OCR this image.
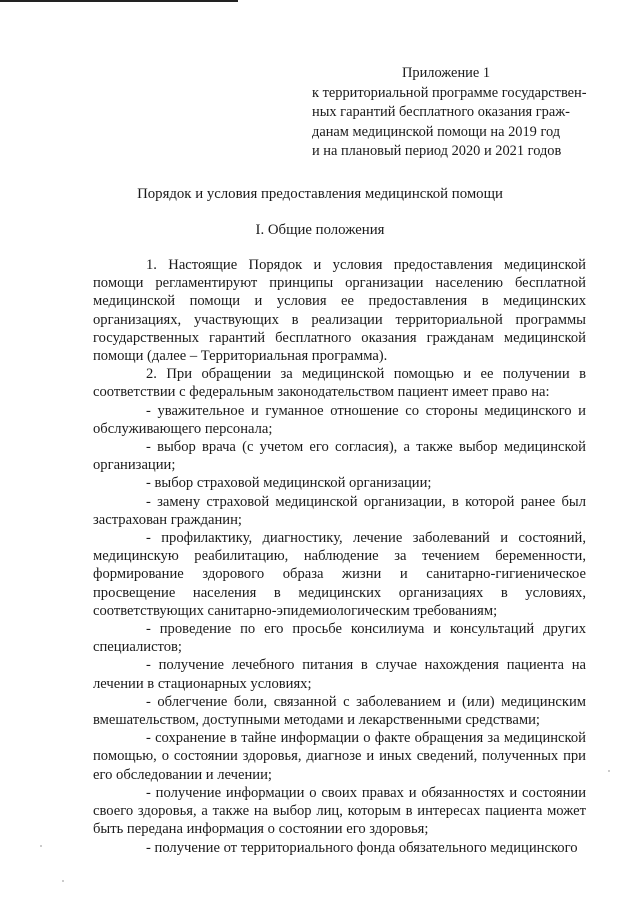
Приложение 1
к территориальной программе государствен-
ных гарантий бесплатного оказания граж-
данам медицинской помощи на 2019 год
и на плановый период 2020 и 2021 годов
Порядок и условия предоставления медицинской помощи
I. Общие положения

1. Настоящие Порядок и условия предоставления медицинской помощи регламентируют принципы организации населению бесплатной медицинской помощи и условия ее предоставления в медицинских организациях, участвующих в реализации территориальной программы государственных гарантий бесплатного оказания гражданам медицинской помощи (далее – Территориальная программа).

2. При обращении за медицинской помощью и ее получении в соответствии с федеральным законодательством пациент имеет право на:

- уважительное и гуманное отношение со стороны медицинского и обслуживающего персонала;

- выбор врача (с учетом его согласия), а также выбор медицинской организации;

- выбор страховой медицинской организации;

- замену страховой медицинской организации, в которой ранее был застрахован гражданин;

- профилактику, диагностику, лечение заболеваний и состояний, медицинскую реабилитацию, наблюдение за течением беременности, формирование здорового образа жизни и санитарно-гигиеническое просвещение населения в медицинских организациях в условиях, соответствующих санитарно-эпидемиологическим требованиям;

- проведение по его просьбе консилиума и консультаций других специалистов;

- получение лечебного питания в случае нахождения пациента на лечении в стационарных условиях;

- облегчение боли, связанной с заболеванием и (или) медицинским вмешательством, доступными методами и лекарственными средствами;

- сохранение в тайне информации о факте обращения за медицинской помощью, о состоянии здоровья, диагнозе и иных сведений, полученных при его обследовании и лечении;

- получение информации о своих правах и обязанностях и состоянии своего здоровья, а также на выбор лиц, которым в интересах пациента может быть передана информация о состоянии его здоровья;

- получение от территориального фонда обязательного медицинского
